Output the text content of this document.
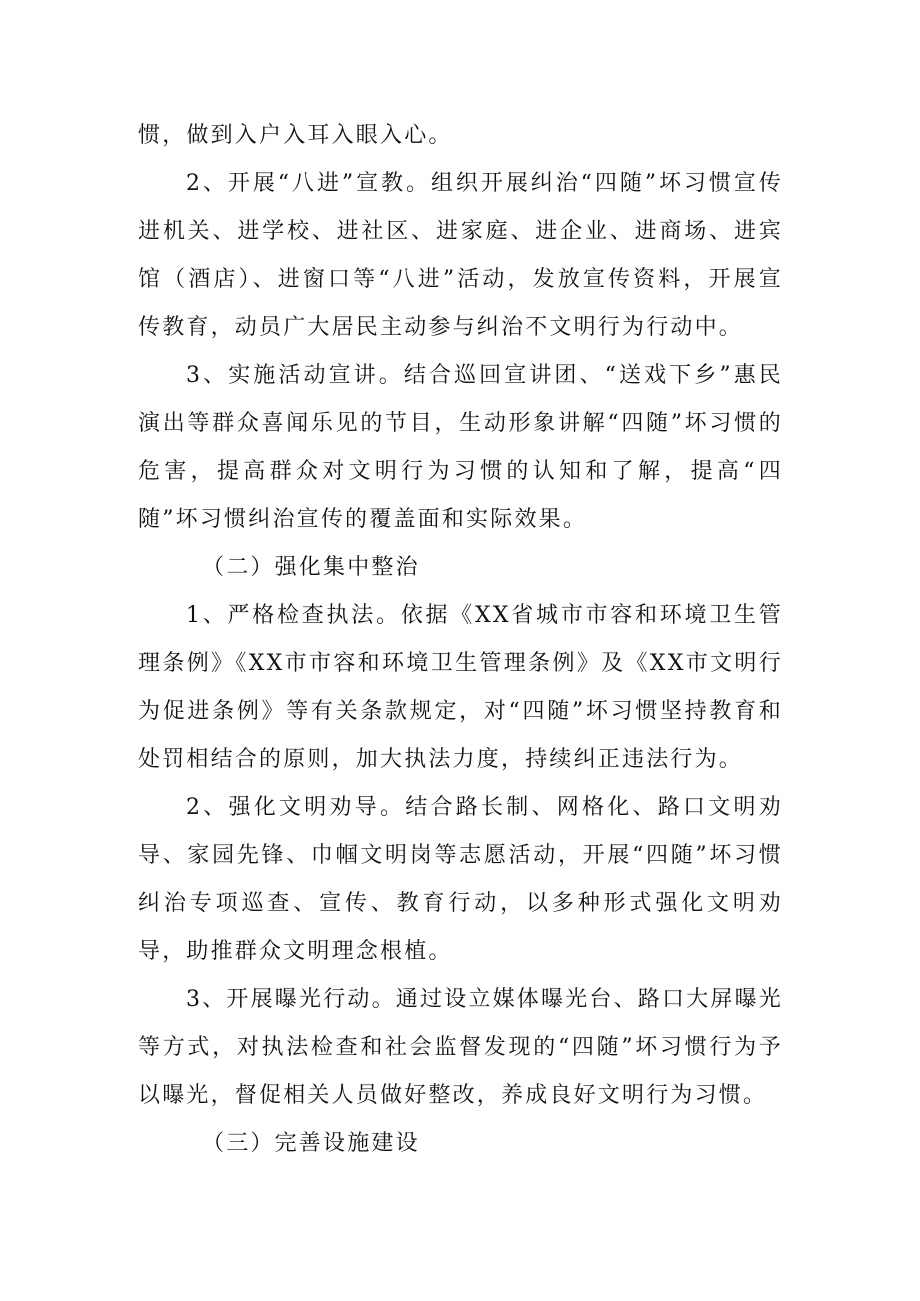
惯，做到入户入耳入眼入心。

2、开展“八进”宣教。组织开展纠治“四随”坏习惯宣传进机关、进学校、进社区、进家庭、进企业、进商场、进宾馆（酒店）、进窗口等“八进”活动，发放宣传资料，开展宣传教育，动员广大居民主动参与纠治不文明行为行动中。

3、实施活动宣讲。结合巡回宣讲团、“送戏下乡”惠民演出等群众喜闻乐见的节目，生动形象讲解“四随”坏习惯的危害，提高群众对文明行为习惯的认知和了解，提高“四随”坏习惯纠治宣传的覆盖面和实际效果。

（二）强化集中整治

1、严格检查执法。依据《XX省城市市容和环境卫生管理条例》《XX市市容和环境卫生管理条例》及《XX市文明行为促进条例》等有关条款规定，对“四随”坏习惯坚持教育和处罚相结合的原则，加大执法力度，持续纠正违法行为。

2、强化文明劝导。结合路长制、网格化、路口文明劝导、家园先锋、巾帼文明岗等志愿活动，开展“四随”坏习惯纠治专项巡查、宣传、教育行动，以多种形式强化文明劝导，助推群众文明理念根植。

3、开展曝光行动。通过设立媒体曝光台、路口大屏曝光等方式，对执法检查和社会监督发现的“四随”坏习惯行为予以曝光，督促相关人员做好整改，养成良好文明行为习惯。

（三）完善设施建设
